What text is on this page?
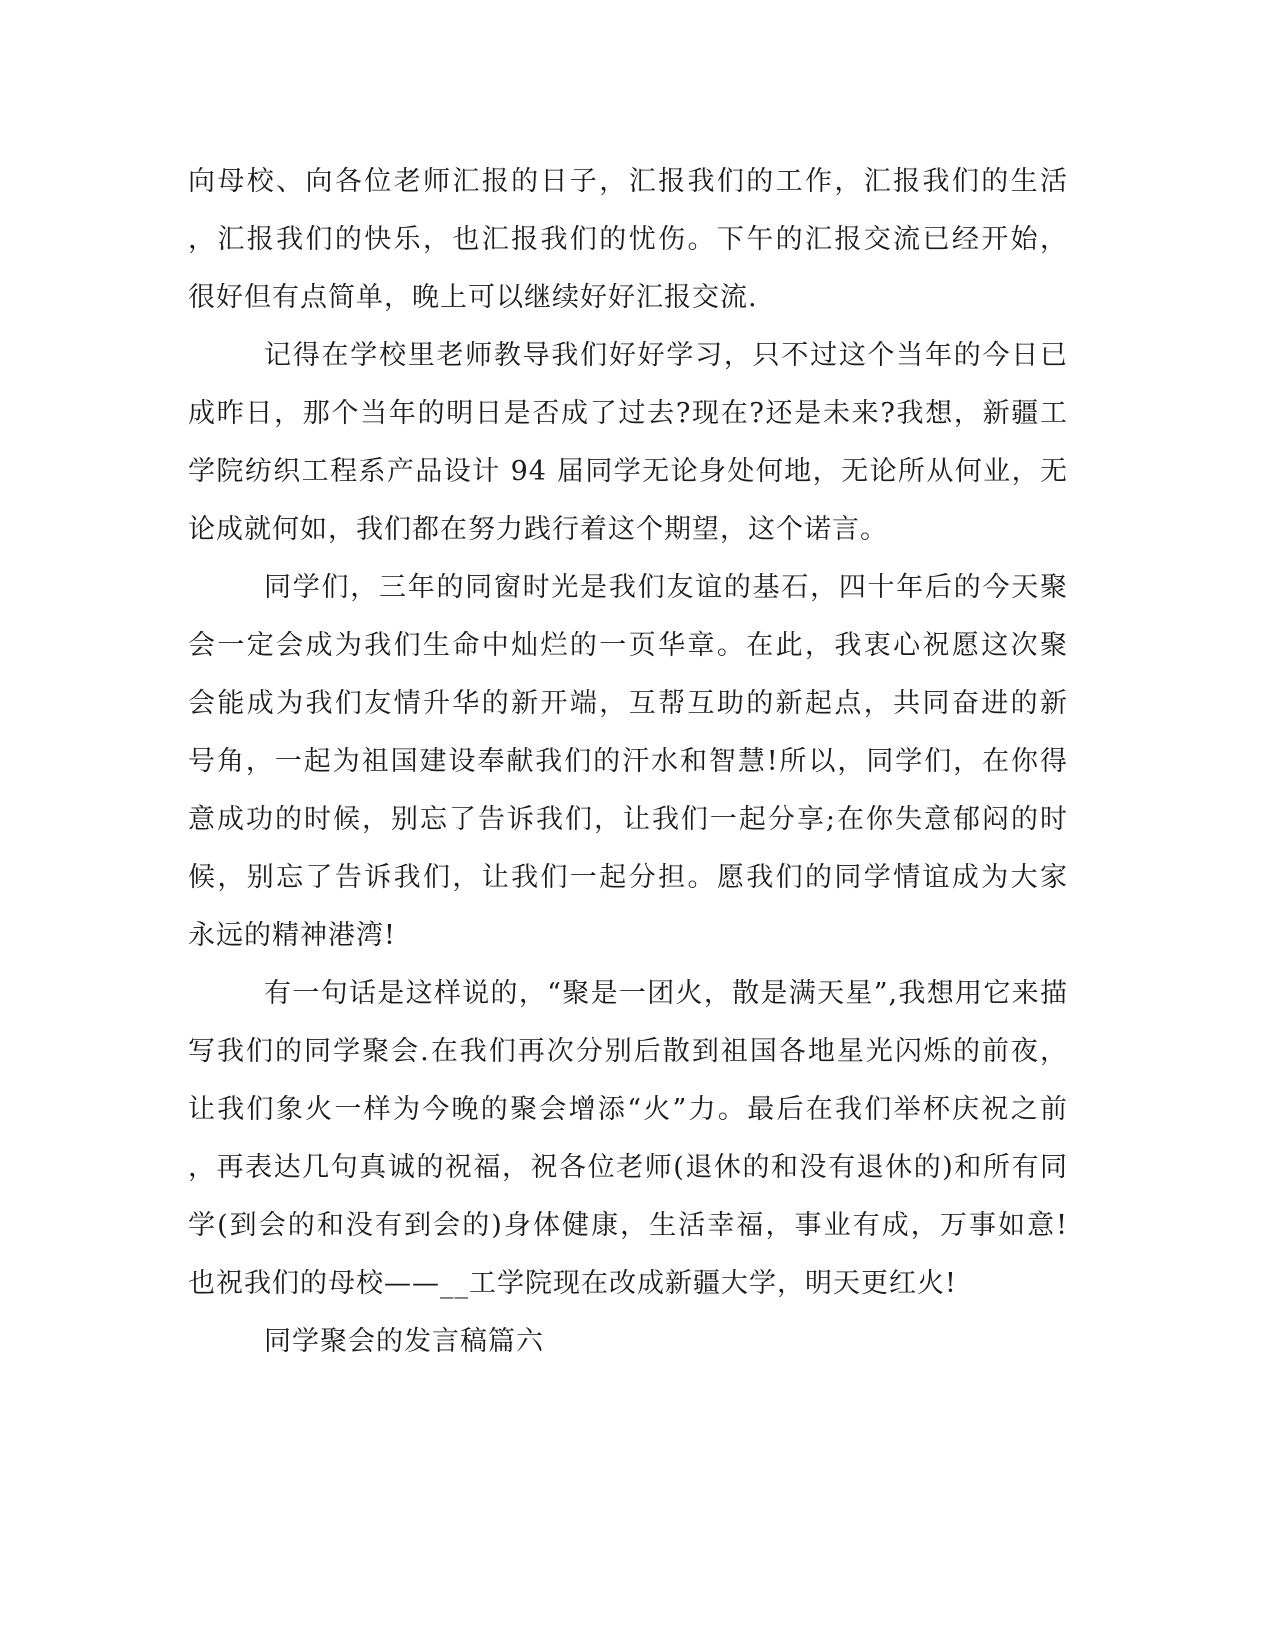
向母校、向各位老师汇报的日子，汇报我们的工作，汇报我们的生活
，汇报我们的快乐，也汇报我们的忧伤。下午的汇报交流已经开始，
很好但有点简单，晚上可以继续好好汇报交流.
记得在学校里老师教导我们好好学习，只不过这个当年的今日已
成昨日，那个当年的明日是否成了过去?现在?还是未来?我想，新疆工
学院纺织工程系产品设计 94 届同学无论身处何地，无论所从何业，无
论成就何如，我们都在努力践行着这个期望，这个诺言。
同学们，三年的同窗时光是我们友谊的基石，四十年后的今天聚
会一定会成为我们生命中灿烂的一页华章。在此，我衷心祝愿这次聚
会能成为我们友情升华的新开端，互帮互助的新起点，共同奋进的新
号角，一起为祖国建设奉献我们的汗水和智慧!所以，同学们，在你得
意成功的时候，别忘了告诉我们，让我们一起分享;在你失意郁闷的时
候，别忘了告诉我们，让我们一起分担。愿我们的同学情谊成为大家
永远的精神港湾!
有一句话是这样说的，“聚是一团火，散是满天星”,我想用它来描
写我们的同学聚会.在我们再次分别后散到祖国各地星光闪烁的前夜，
让我们象火一样为今晚的聚会增添“火”力。最后在我们举杯庆祝之前
，再表达几句真诚的祝福，祝各位老师(退休的和没有退休的)和所有同
学(到会的和没有到会的)身体健康，生活幸福，事业有成，万事如意!
也祝我们的母校——__工学院现在改成新疆大学，明天更红火!
同学聚会的发言稿篇六
